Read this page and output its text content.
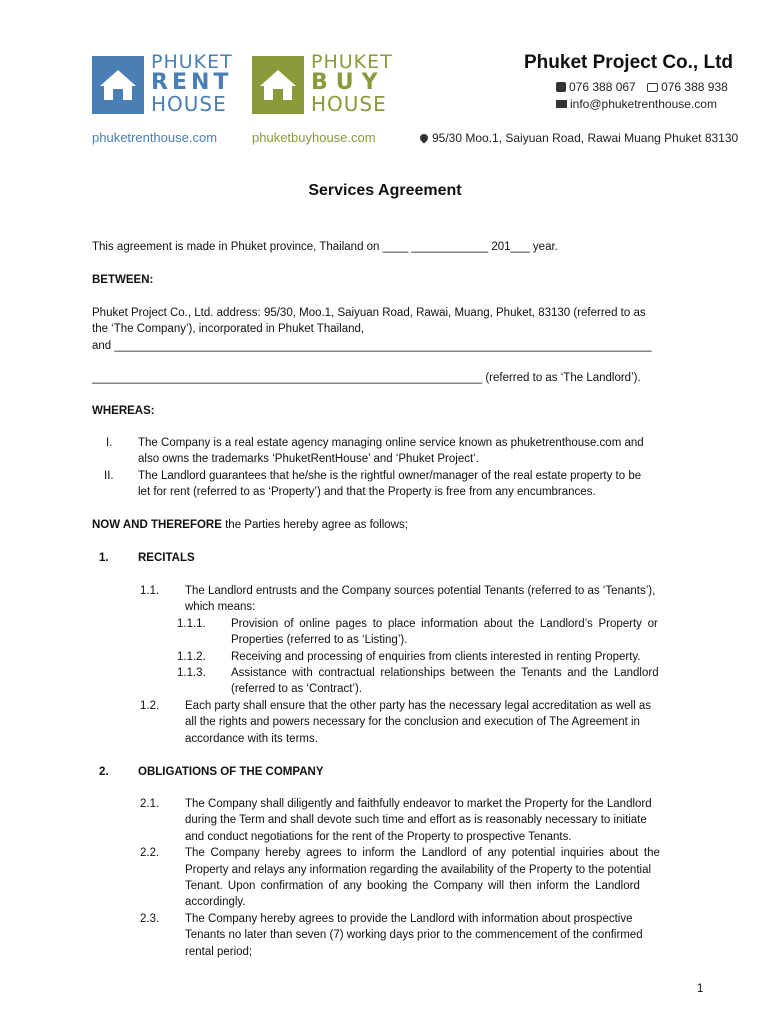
PHUKET
RENT
HOUSE
phuketrenthouse.com
PHUKET
BUY
HOUSE
phuketbuyhouse.com
Phuket Project Co., Ltd
076 388 067 076 388 938
info@phuketrenthouse.com
95/30 Moo.1, Saiyuan Road, Rawai Muang Phuket 83130
Services Agreement
This agreement is made in Phuket province, Thailand on ____ ____________ 201___ year.
BETWEEN:
Phuket Project Co., Ltd. address: 95/30, Moo.1, Saiyuan Road, Rawai, Muang, Phuket, 83130 (referred to as
the ‘The Company’), incorporated in Phuket Thailand,
and ____________________________________________________________________________________
_____________________________________________________________ (referred to as ‘The Landlord’).
WHEREAS:
I. The Company is a real estate agency managing online service known as phuketrenthouse.com and
also owns the trademarks ‘PhuketRentHouse’ and ‘Phuket Project’.
II. The Landlord guarantees that he/she is the rightful owner/manager of the real estate property to be
let for rent (referred to as ‘Property’) and that the Property is free from any encumbrances.
NOW AND THEREFORE the Parties hereby agree as follows;
1.	RECITALS
1.1. The Landlord entrusts and the Company sources potential Tenants (referred to as ‘Tenants’),
which means:
1.1.1. Provision of online pages to place information about the Landlord’s Property or
Properties (referred to as ‘Listing’).
1.1.2. Receiving and processing of enquiries from clients interested in renting Property.
1.1.3. Assistance with contractual relationships between the Tenants and the Landlord
(referred to as ‘Contract’).
1.2. Each party shall ensure that the other party has the necessary legal accreditation as well as
all the rights and powers necessary for the conclusion and execution of The Agreement in
accordance with its terms.
2.	OBLIGATIONS OF THE COMPANY
2.1. The Company shall diligently and faithfully endeavor to market the Property for the Landlord
during the Term and shall devote such time and effort as is reasonably necessary to initiate
and conduct negotiations for the rent of the Property to prospective Tenants.
2.2. The Company hereby agrees to inform the Landlord of any potential inquiries about the
Property and relays any information regarding the availability of the Property to the potential
Tenant. Upon confirmation of any booking the Company will then inform the Landlord
accordingly.
2.3. The Company hereby agrees to provide the Landlord with information about prospective
Tenants no later than seven (7) working days prior to the commencement of the confirmed
rental period;
1
